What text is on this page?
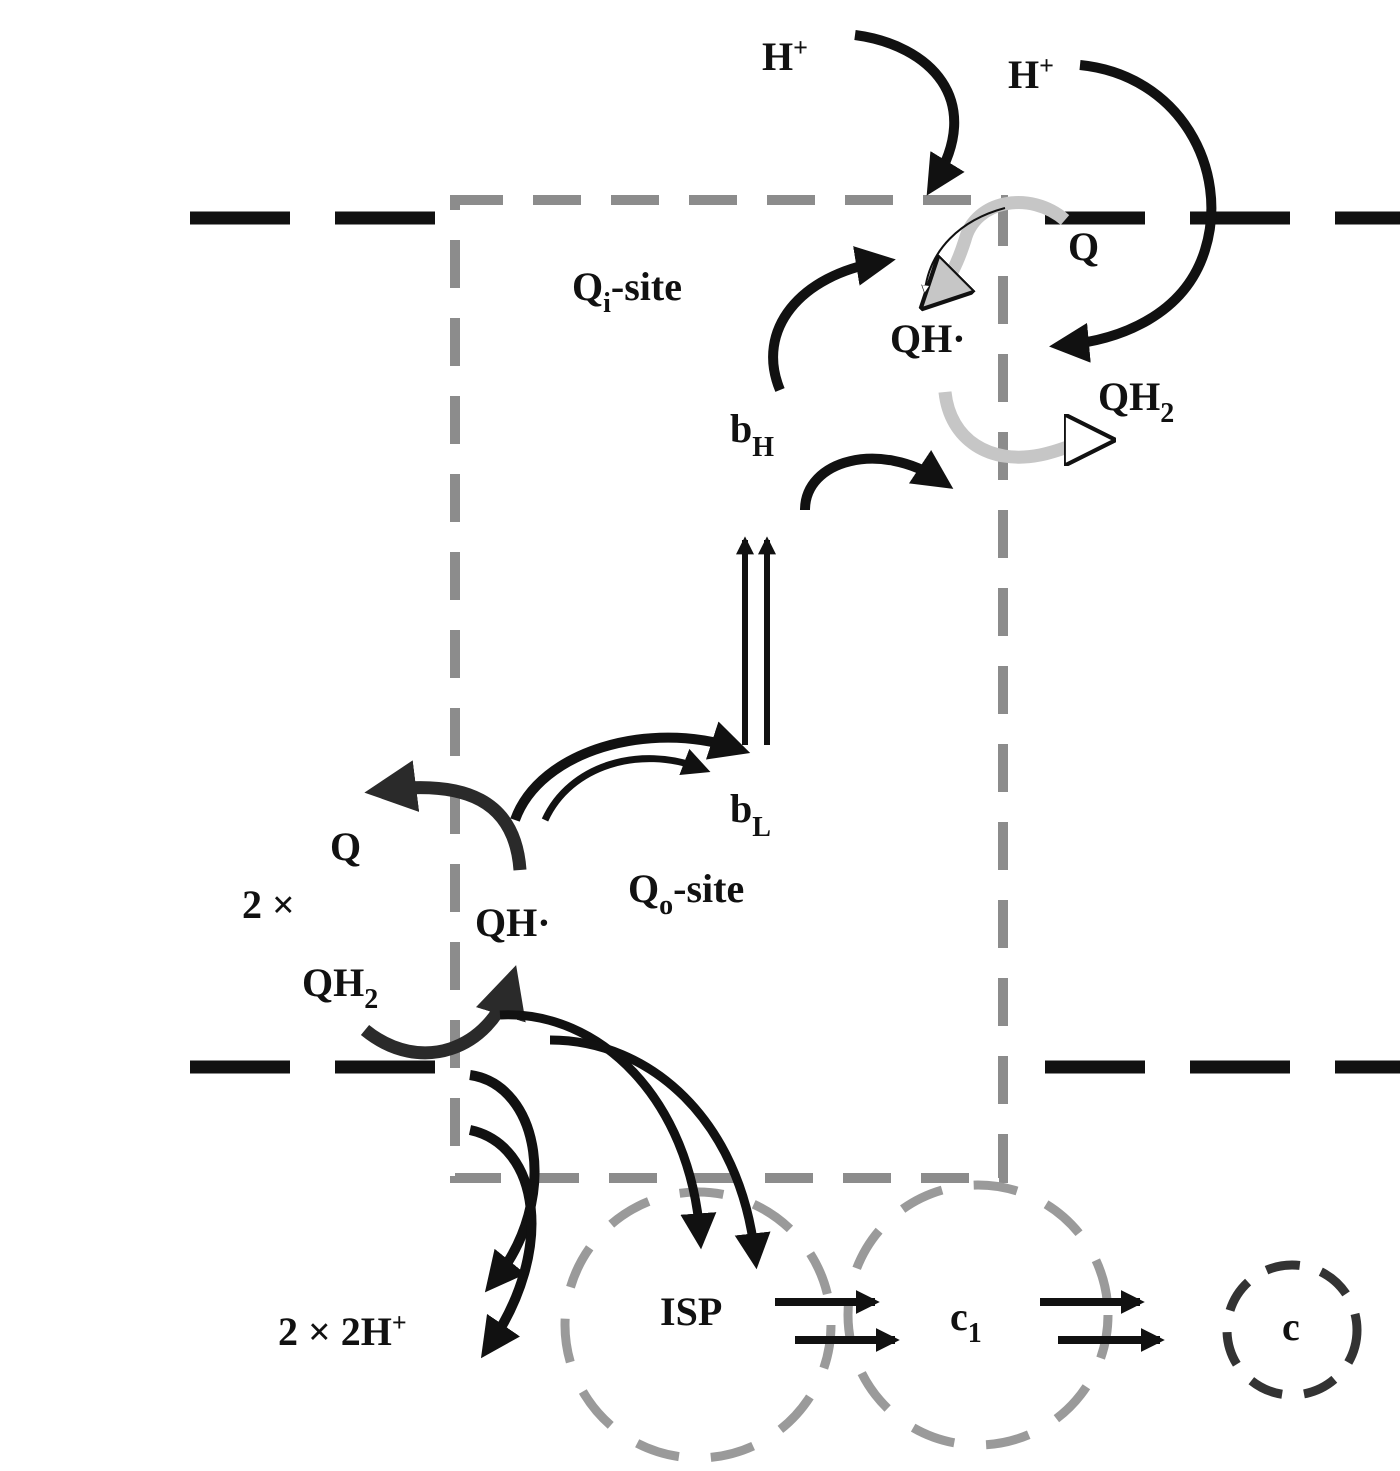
H+
H+
$Q_i$-site
Q
QH·
$QH_2$
$b_H$
$b_L$
$Q_o$-site
Q
2 ×	QH·
$QH_2$
2 × 2H+	ISP	$c_1$	c
